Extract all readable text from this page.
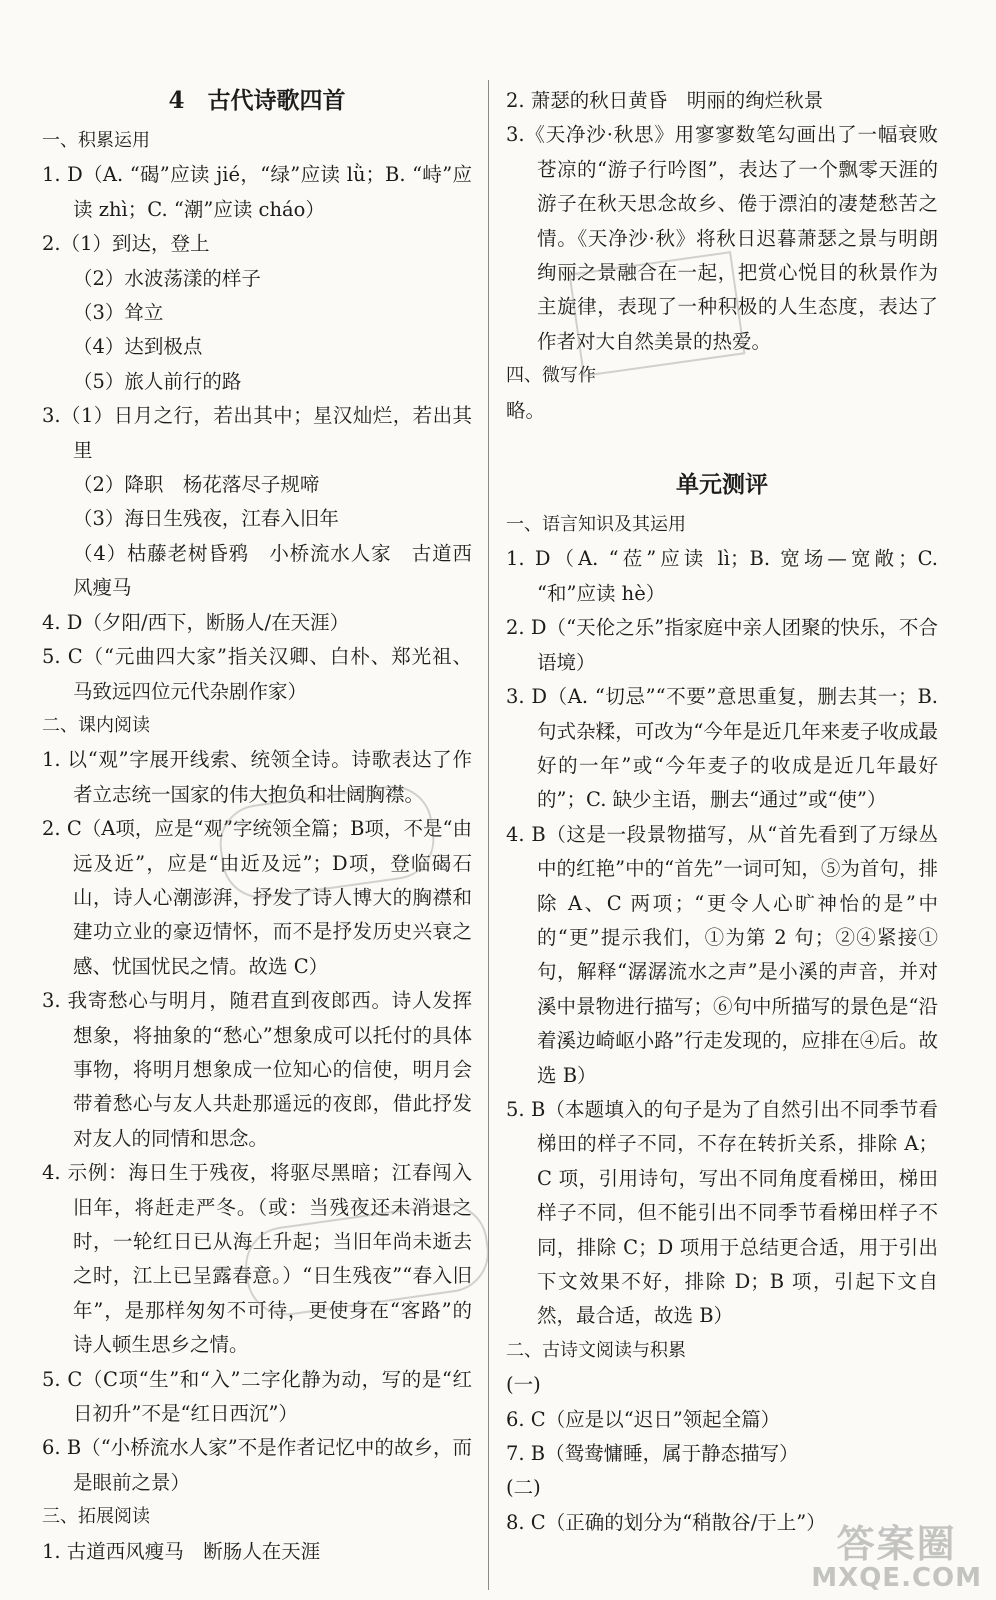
4　古代诗歌四首
一、积累运用
1. D（A. “碣”应读 jié，“绿”应读 lǜ；B. “峙”应读 zhì；C. “潮”应读 cháo）
2.（1）到达，登上
（2）水波荡漾的样子
（3）耸立
（4）达到极点
（5）旅人前行的路
3.（1）日月之行，若出其中；星汉灿烂，若出其里
（2）降职　杨花落尽子规啼
（3）海日生残夜，江春入旧年
（4）枯藤老树昏鸦　小桥流水人家　古道西风瘦马
4. D（夕阳/西下，断肠人/在天涯）
5. C（“元曲四大家”指关汉卿、白朴、郑光祖、马致远四位元代杂剧作家）
二、课内阅读
1. 以“观”字展开线索、统领全诗。诗歌表达了作者立志统一国家的伟大抱负和壮阔胸襟。
2. C（A项，应是“观”字统领全篇；B项，不是“由远及近”，应是“由近及远”；D项，登临碣石山，诗人心潮澎湃，抒发了诗人博大的胸襟和建功立业的豪迈情怀，而不是抒发历史兴衰之感、忧国忧民之情。故选 C）
3. 我寄愁心与明月，随君直到夜郎西。诗人发挥想象，将抽象的“愁心”想象成可以托付的具体事物，将明月想象成一位知心的信使，明月会带着愁心与友人共赴那遥远的夜郎，借此抒发对友人的同情和思念。
4. 示例：海日生于残夜，将驱尽黑暗；江春闯入旧年，将赶走严冬。（或：当残夜还未消退之时，一轮红日已从海上升起；当旧年尚未逝去之时，江上已呈露春意。）“日生残夜”“春入旧年”，是那样匆匆不可待，更使身在“客路”的诗人顿生思乡之情。
5. C（C项“生”和“入”二字化静为动，写的是“红日初升”不是“红日西沉”）
6. B（“小桥流水人家”不是作者记忆中的故乡，而是眼前之景）
三、拓展阅读
1. 古道西风瘦马　断肠人在天涯
2. 萧瑟的秋日黄昏　明丽的绚烂秋景
3.《天净沙·秋思》用寥寥数笔勾画出了一幅衰败苍凉的“游子行吟图”，表达了一个飘零天涯的游子在秋天思念故乡、倦于漂泊的凄楚愁苦之情。《天净沙·秋》将秋日迟暮萧瑟之景与明朗绚丽之景融合在一起，把赏心悦目的秋景作为主旋律，表现了一种积极的人生态度，表达了作者对大自然美景的热爱。
四、微写作
略。
单元测评
一、语言知识及其运用
1. D（A. “莅”应读 lì；B. 宽场—宽敞；C. “和”应读 hè）
2. D（“天伦之乐”指家庭中亲人团聚的快乐，不合语境）
3. D（A. “切忌”“不要”意思重复，删去其一；B. 句式杂糅，可改为“今年是近几年来麦子收成最好的一年”或“今年麦子的收成是近几年最好的”；C. 缺少主语，删去“通过”或“使”）
4. B（这是一段景物描写，从“首先看到了万绿丛中的红艳”中的“首先”一词可知，⑤为首句，排除 A、C 两项；“更令人心旷神怡的是”中的“更”提示我们，①为第 2 句；②④紧接①句，解释“潺潺流水之声”是小溪的声音，并对溪中景物进行描写；⑥句中所描写的景色是“沿着溪边崎岖小路”行走发现的，应排在④后。故选 B）
5. B（本题填入的句子是为了自然引出不同季节看梯田的样子不同，不存在转折关系，排除 A；C 项，引用诗句，写出不同角度看梯田，梯田样子不同，但不能引出不同季节看梯田样子不同，排除 C；D 项用于总结更合适，用于引出下文效果不好，排除 D；B 项，引起下文自然，最合适，故选 B）
二、古诗文阅读与积累
(一)
6. C（应是以“迟日”领起全篇）
7. B（鸳鸯慵睡，属于静态描写）
(二)
8. C（正确的划分为“稍散谷/于上”） 答案圈
MXQE.COM
